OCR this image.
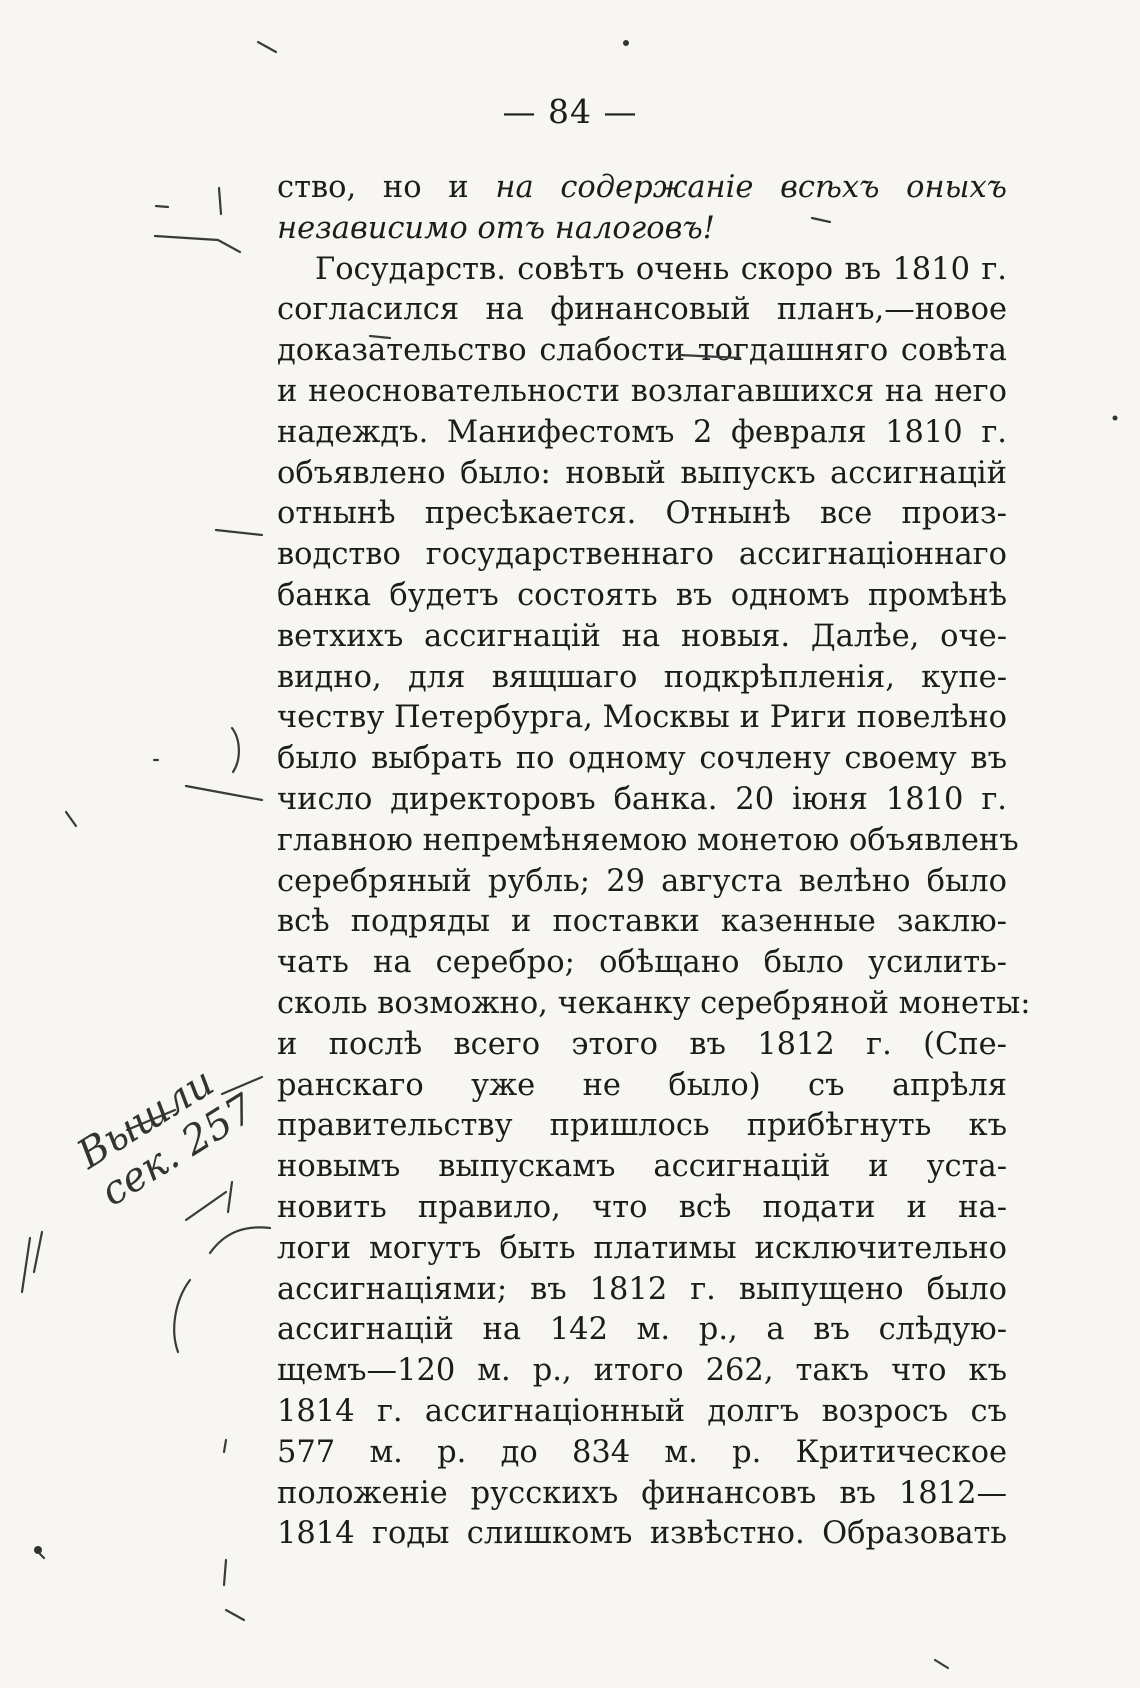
— 84 —
ство, но и на содержанiе всѣхъ оныхъ
независимо отъ налоговъ!
Государств. совѣтъ очень скоро въ 1810 г.
согласился на финансовый планъ,—новое
доказательство слабости тогдашняго совѣта
и неосновательности возлагавшихся на него
надеждъ. Манифестомъ 2 февраля 1810 г.
объявлено было: новый выпускъ ассигнацiй
отнынѣ пресѣкается. Отнынѣ все произ-
водство государственнаго ассигнацiоннаго
банка будетъ состоять въ одномъ промѣнѣ
ветхихъ ассигнацiй на новыя. Далѣе, оче-
видно, для вящшаго подкрѣпленiя, купе-
честву Петербурга, Москвы и Риги повелѣно
было выбрать по одному сочлену своему въ
число директоровъ банка. 20 iюня 1810 г.
главною непремѣняемою монетою объявленъ
серебряный рубль; 29 августа велѣно было
всѣ подряды и поставки казенные заклю-
чать на серебро; обѣщано было усилить-
сколь возможно, чеканку серебряной монеты:
и послѣ всего этого въ 1812 г. (Спе-
ранскаго уже не было) съ апрѣля
правительству пришлось прибѣгнуть къ
новымъ выпускамъ ассигнацiй и уста-
новить правило, что всѣ подати и на-
логи могутъ быть платимы исключительно
ассигнацiями; въ 1812 г. выпущено было
ассигнацiй на 142 м. р., а въ слѣдую-
щемъ—120 м. р., итого 262, такъ что къ
1814 г. ассигнацiонный долгъ возросъ съ
577 м. р. до 834 м. р. Критическое
положенiе русскихъ финансовъ въ 1812—
1814 годы слишкомъ извѣстно. Образовать
Вышли
сек. 257
